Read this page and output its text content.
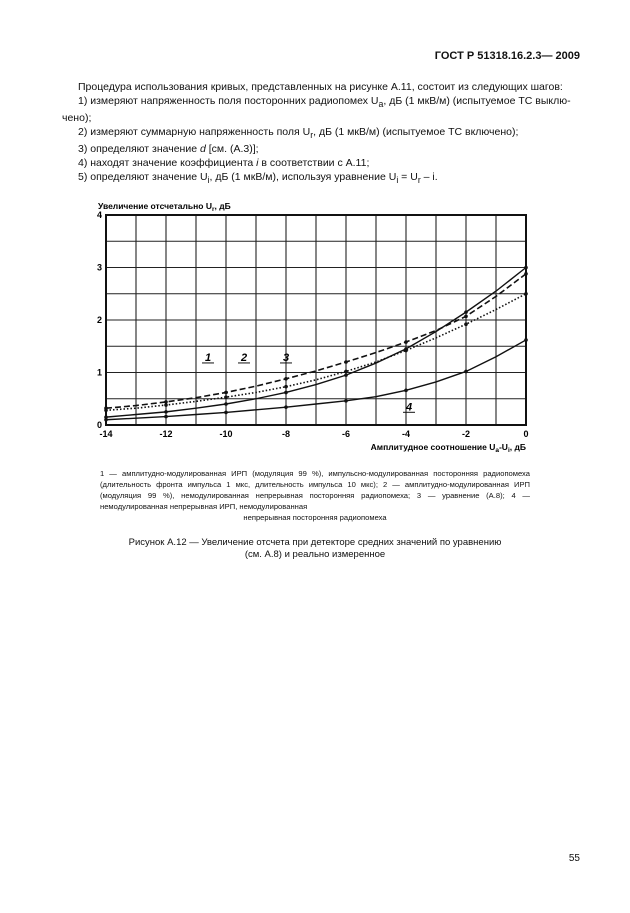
ГОСТ Р 51318.16.2.3— 2009

Процедура использования кривых, представленных на рисунке А.11, состоит из следующих шагов:

1) измеряют напряженность поля посторонних радиопомех $U_a$, дБ (1 мкВ/м) (испытуемое ТС выклю-

чено);

2) измеряют суммарную напряженность поля $U_r$, дБ (1 мкВ/м) (испытуемое ТС включено);

3) определяют значение d [см. (А.3)];

4) находят значение коэффициента i в соответствии с А.11;

5) определяют значение $U_i$, дБ (1 мкВ/м), используя уравнение $U_i = U_r - i$.

-14	-12	-10	-8	-6	-4	-2	0
0
1
2
3
4
Увеличение отсчетально $U_r$, дБ
Амплитудное соотношение $U_a-U_i$, дБ
1	2	3
4
1 — амплитудно-модулированная ИРП (модуляция 99 %), импульсно-модулированная посторонняя радиопомеха (длительность фронта импульса 1 мкс, длительность импульса 10 мкс); 2 — амплитудно-модулированная ИРП (модуляция 99 %), немодулированная непрерывная посторонняя радиопомеха; 3 — уравнение (А.8); 4 — немодулированная непрерывная ИРП, немодулированная
непрерывная посторонняя радиопомеха
Рисунок А.12 — Увеличение отсчета при детекторе средних значений по уравнению
(см. А.8) и реально измеренное
55
